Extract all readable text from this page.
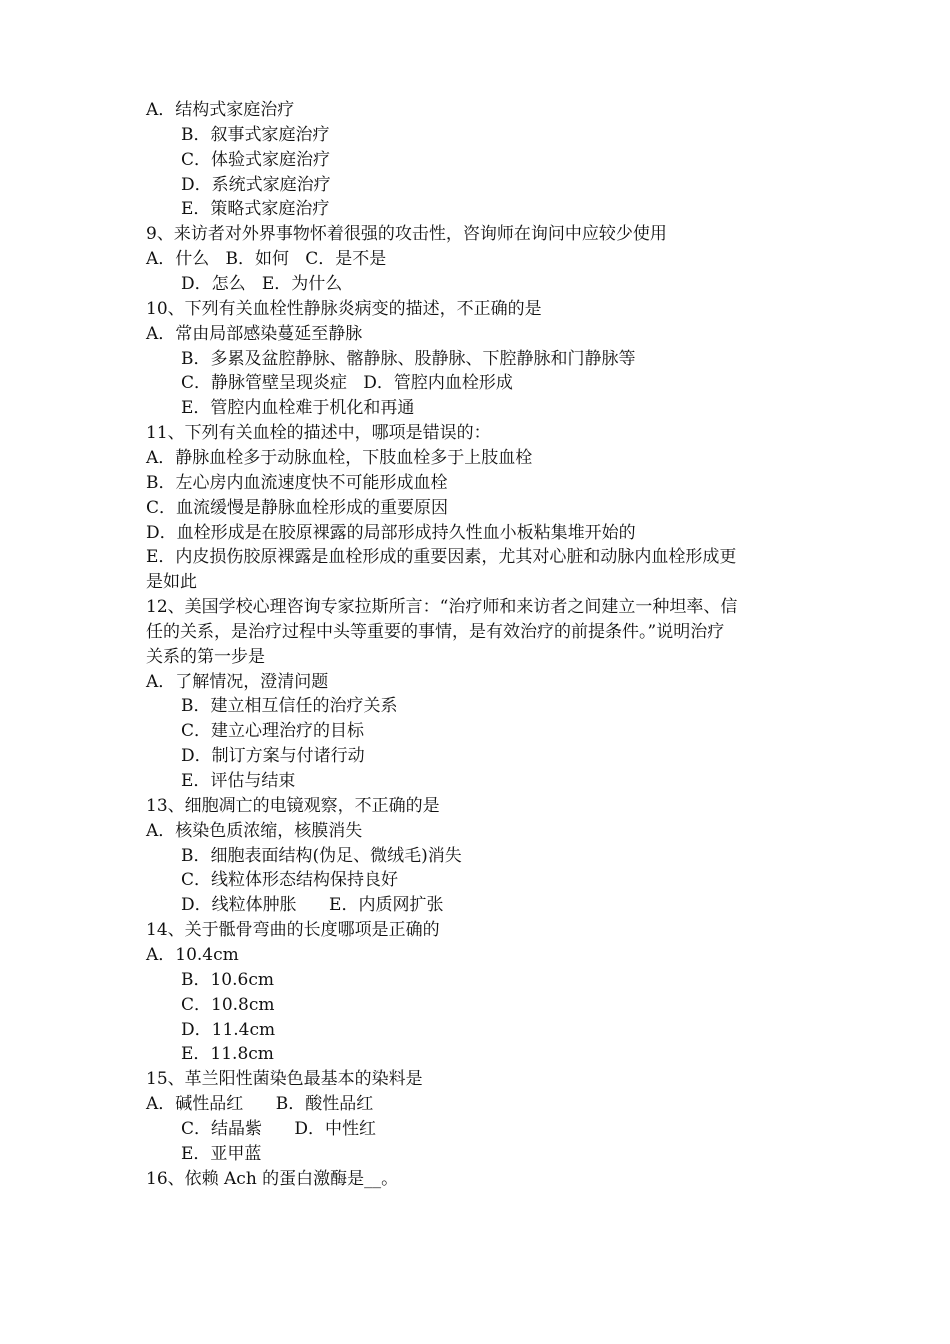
A．结构式家庭治疗

B．叙事式家庭治疗

C．体验式家庭治疗

D．系统式家庭治疗

E．策略式家庭治疗

9、来访者对外界事物怀着很强的攻击性，咨询师在询问中应较少使用

A．什么   B．如何   C．是不是

D．怎么   E．为什么

10、下列有关血栓性静脉炎病变的描述，不正确的是

A．常由局部感染蔓延至静脉

B．多累及盆腔静脉、髂静脉、股静脉、下腔静脉和门静脉等

C．静脉管壁呈现炎症   D．管腔内血栓形成

E．管腔内血栓难于机化和再通

11、下列有关血栓的描述中，哪项是错误的：

A．静脉血栓多于动脉血栓，下肢血栓多于上肢血栓

B．左心房内血流速度快不可能形成血栓

C．血流缓慢是静脉血栓形成的重要原因

D．血栓形成是在胶原裸露的局部形成持久性血小板粘集堆开始的

E．内皮损伤胶原裸露是血栓形成的重要因素，尤其对心脏和动脉内血栓形成更

是如此

12、美国学校心理咨询专家拉斯所言：“治疗师和来访者之间建立一种坦率、信

任的关系，是治疗过程中头等重要的事情，是有效治疗的前提条件。”说明治疗

关系的第一步是

A．了解情况，澄清问题

B．建立相互信任的治疗关系

C．建立心理治疗的目标

D．制订方案与付诸行动

E．评估与结束

13、细胞凋亡的电镜观察，不正确的是

A．核染色质浓缩，核膜消失

B．细胞表面结构(伪足、微绒毛)消失

C．线粒体形态结构保持良好

D．线粒体肿胀      E．内质网扩张

14、关于骶骨弯曲的长度哪项是正确的

A．10.4cm

B．10.6cm

C．10.8cm

D．11.4cm

E．11.8cm

15、革兰阳性菌染色最基本的染料是

A．碱性品红      B．酸性品红

C．结晶紫      D．中性红

E．亚甲蓝

16、依赖 Ach 的蛋白激酶是__。
